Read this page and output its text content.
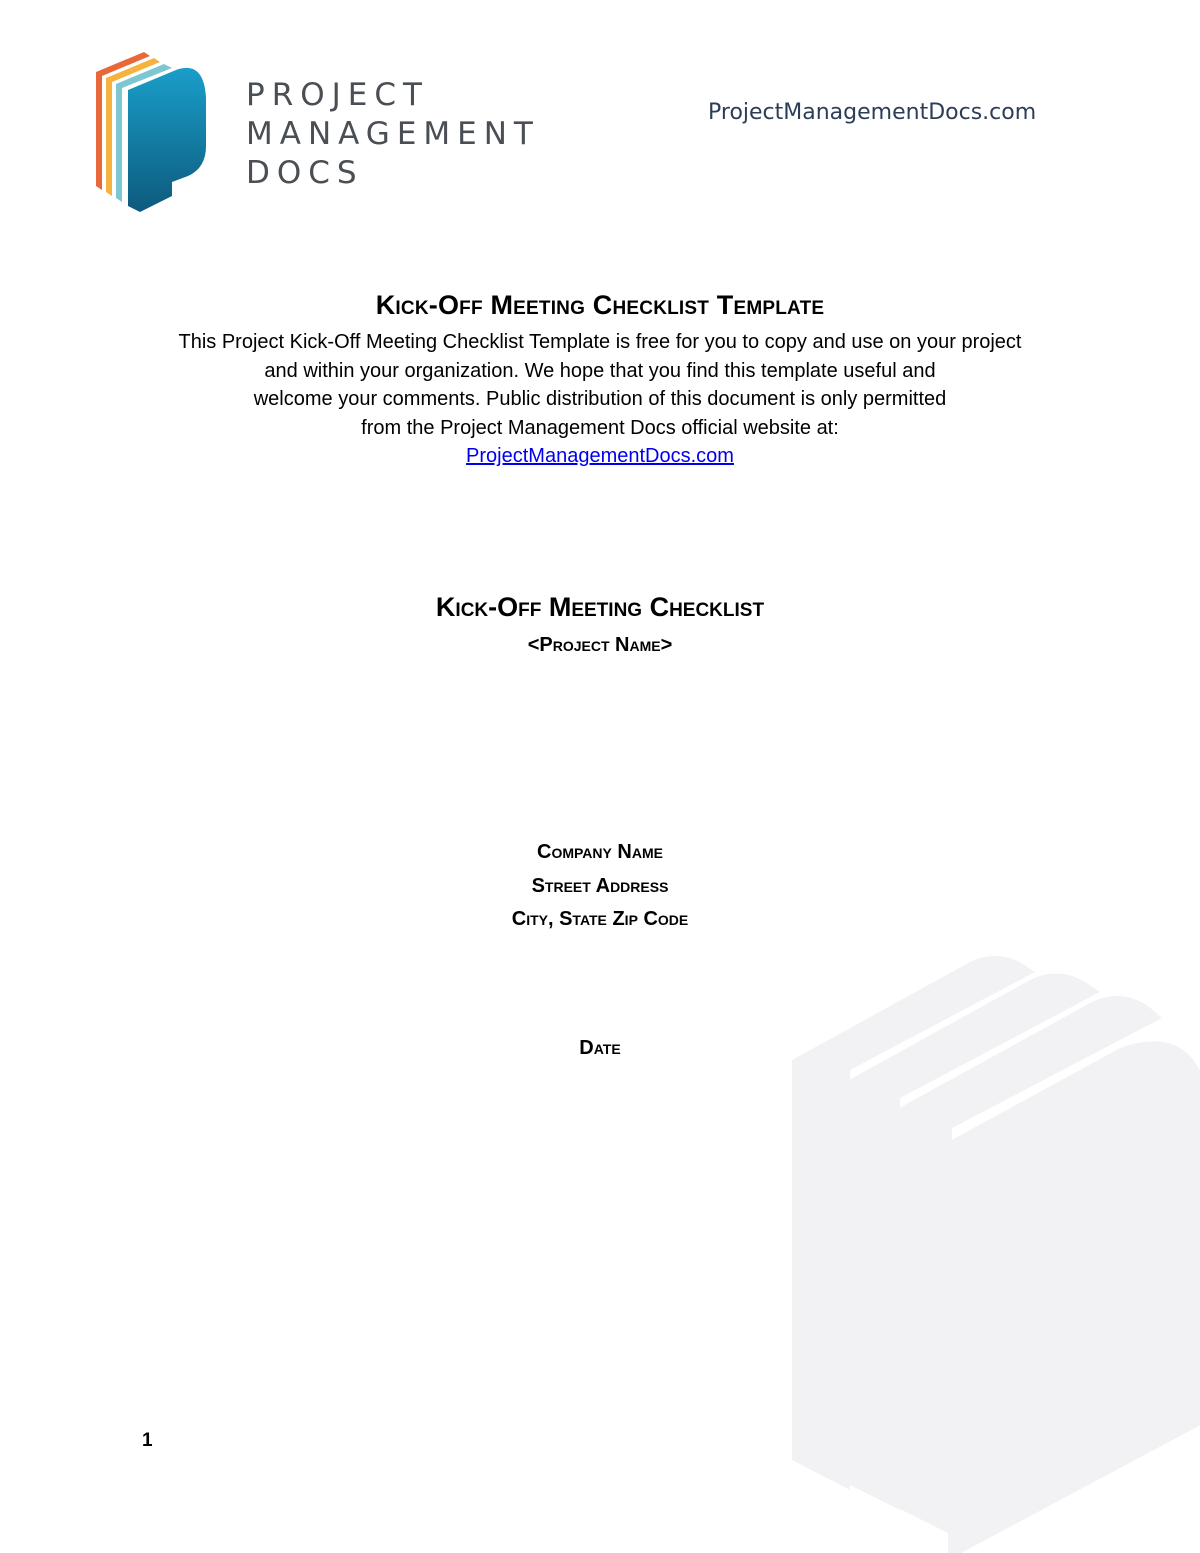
PROJECT
MANAGEMENT
DOCS
ProjectManagementDocs.com
Kick-Off Meeting Checklist Template
This Project Kick-Off Meeting Checklist Template is free for you to copy and use on your project
and within your organization. We hope that you find this template useful and
welcome your comments. Public distribution of this document is only permitted
from the Project Management Docs official website at:
ProjectManagementDocs.com
Kick-Off Meeting Checklist
<Project Name>
Company Name
Street Address
City, State Zip Code
Date
1
